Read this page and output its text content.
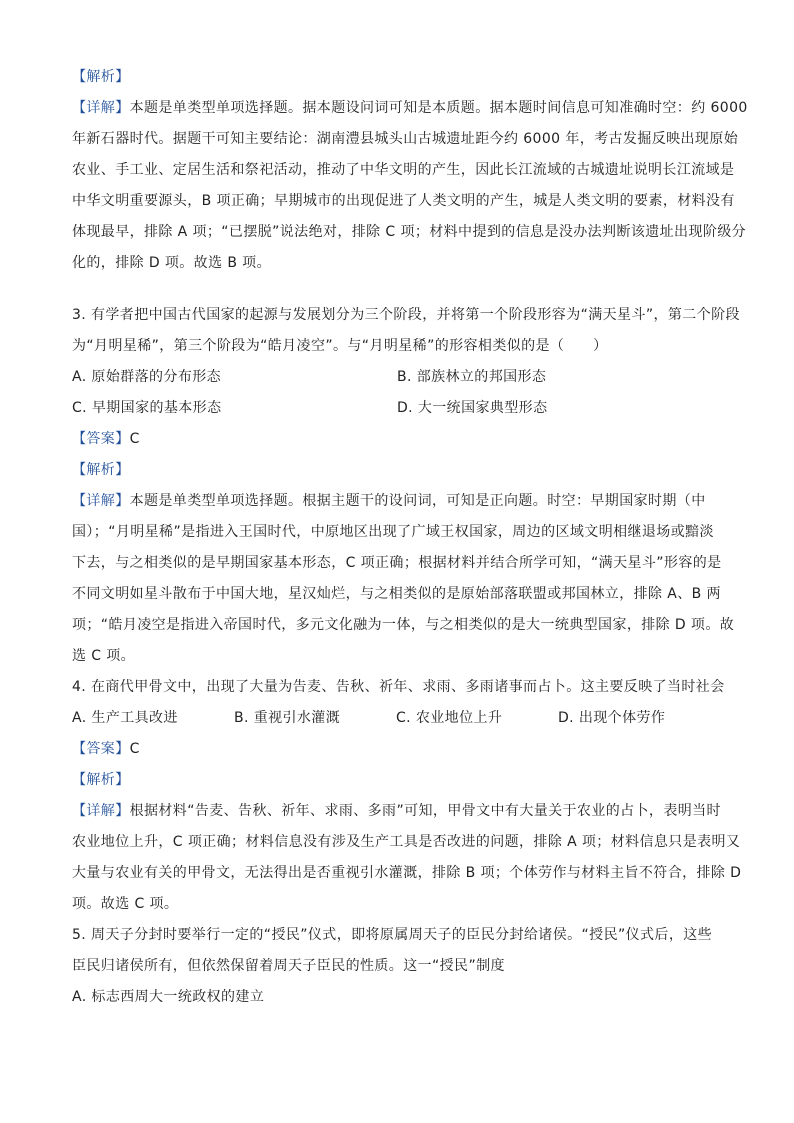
【解析】
【详解】本题是单类型单项选择题。据本题设问词可知是本质题。据本题时间信息可知准确时空：约 6000
年新石器时代。据题干可知主要结论：湖南澧县城头山古城遗址距今约 6000 年，考古发掘反映出现原始
农业、手工业、定居生活和祭祀活动，推动了中华文明的产生，因此长江流域的古城遗址说明长江流域是
中华文明重要源头，B 项正确；早期城市的出现促进了人类文明的产生，城是人类文明的要素，材料没有
体现最早，排除 A 项；“已摆脱”说法绝对，排除 C 项；材料中提到的信息是没办法判断该遗址出现阶级分
化的，排除 D 项。故选 B 项。
3. 有学者把中国古代国家的起源与发展划分为三个阶段，并将第一个阶段形容为“满天星斗”，第二个阶段
为“月明星稀”，第三个阶段为“皓月凌空”。与“月明星稀”的形容相类似的是（　　）
A. 原始群落的分布形态	B. 部族林立的邦国形态
C. 早期国家的基本形态	D. 大一统国家典型形态
【答案】C
【解析】
【详解】本题是单类型单项选择题。根据主题干的设问词，可知是正向题。时空：早期国家时期（中
国）；“月明星稀”是指进入王国时代，中原地区出现了广域王权国家，周边的区域文明相继退场或黯淡
下去，与之相类似的是早期国家基本形态，C 项正确；根据材料并结合所学可知，“满天星斗”形容的是
不同文明如星斗散布于中国大地，星汉灿烂，与之相类似的是原始部落联盟或邦国林立，排除 A、B 两
项；“皓月凌空是指进入帝国时代，多元文化融为一体，与之相类似的是大一统典型国家，排除 D 项。故
选 C 项。
4. 在商代甲骨文中，出现了大量为告麦、告秋、祈年、求雨、多雨诸事而占卜。这主要反映了当时社会
A. 生产工具改进	B. 重视引水灌溉	C. 农业地位上升	D. 出现个体劳作
【答案】C
【解析】
【详解】根据材料“告麦、告秋、祈年、求雨、多雨”可知，甲骨文中有大量关于农业的占卜，表明当时
农业地位上升，C 项正确；材料信息没有涉及生产工具是否改进的问题，排除 A 项；材料信息只是表明又
大量与农业有关的甲骨文，无法得出是否重视引水灌溉，排除 B 项；个体劳作与材料主旨不符合，排除 D
项。故选 C 项。
5. 周天子分封时要举行一定的“授民”仪式，即将原属周天子的臣民分封给诸侯。“授民”仪式后，这些
臣民归诸侯所有，但依然保留着周天子臣民的性质。这一“授民”制度
A. 标志西周大一统政权的建立
